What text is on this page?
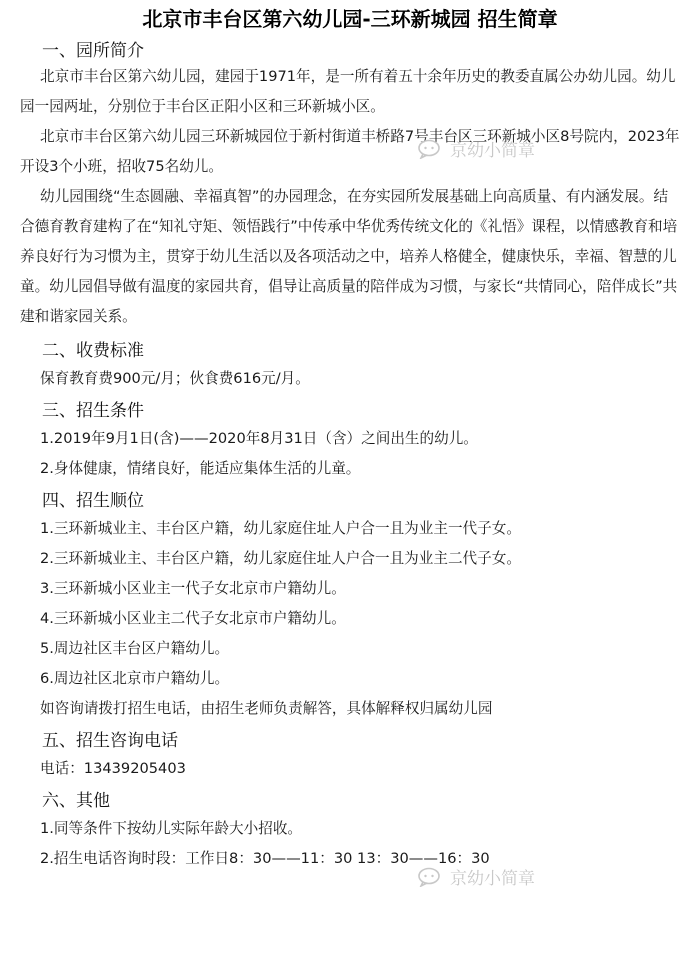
北京市丰台区第六幼儿园-三环新城园 招生简章
一、园所简介
北京市丰台区第六幼儿园，建园于1971年，是一所有着五十余年历史的教委直属公办幼儿园。幼儿园一园两址，分别位于丰台区正阳小区和三环新城小区。
北京市丰台区第六幼儿园三环新城园位于新村街道丰桥路7号丰台区三环新城小区8号院内，2023年开设3个小班，招收75名幼儿。
幼儿园围绕“生态圆融、幸福真智”的办园理念，在夯实园所发展基础上向高质量、有内涵发展。结合德育教育建构了在“知礼守矩、领悟践行”中传承中华优秀传统文化的《礼悟》课程，以情感教育和培养良好行为习惯为主，贯穿于幼儿生活以及各项活动之中，培养人格健全，健康快乐，幸福、智慧的儿童。幼儿园倡导做有温度的家园共育，倡导让高质量的陪伴成为习惯，与家长“共情同心，陪伴成长”共建和谐家园关系。
二、收费标准
保育教育费900元/月；伙食费616元/月。
三、招生条件
1.2019年9月1日(含)——2020年8月31日（含）之间出生的幼儿。
2.身体健康，情绪良好，能适应集体生活的儿童。
四、招生顺位
1.三环新城业主、丰台区户籍，幼儿家庭住址人户合一且为业主一代子女。
2.三环新城业主、丰台区户籍，幼儿家庭住址人户合一且为业主二代子女。
3.三环新城小区业主一代子女北京市户籍幼儿。
4.三环新城小区业主二代子女北京市户籍幼儿。
5.周边社区丰台区户籍幼儿。
6.周边社区北京市户籍幼儿。
如咨询请拨打招生电话，由招生老师负责解答，具体解释权归属幼儿园
五、招生咨询电话
电话：13439205403
六、其他
1.同等条件下按幼儿实际年龄大小招收。
2.招生电话咨询时段：工作日8：30——11：30 13：30——16：30
京幼小简章
京幼小简章
